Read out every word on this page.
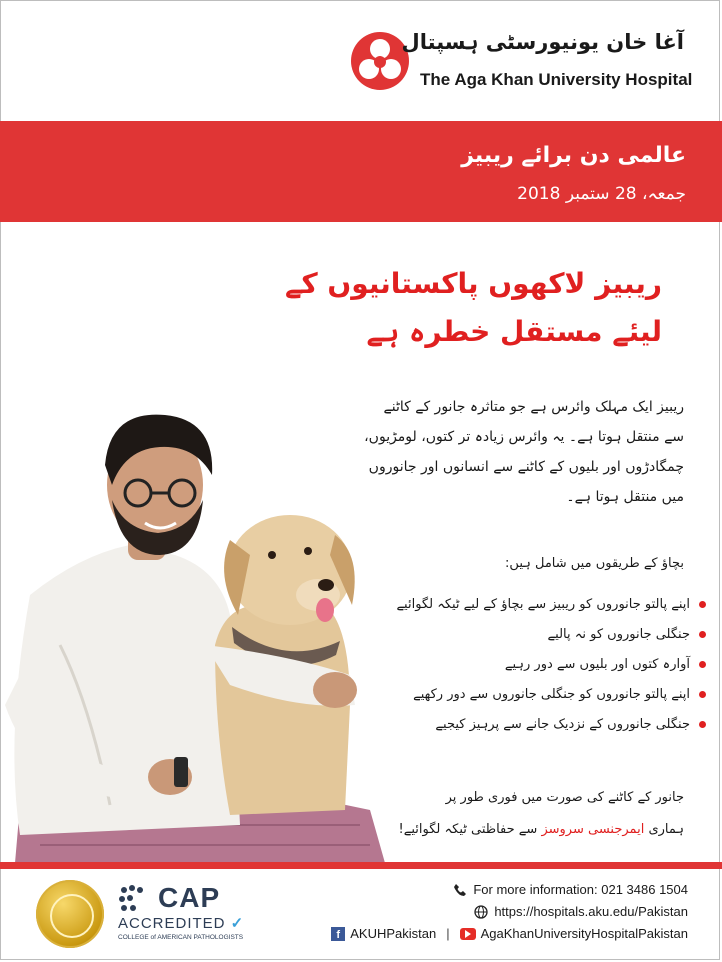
آغا خان یونیورسٹی ہسپتال
The Aga Khan University Hospital
عالمی دن برائے ریبیز
جمعہ، 28 ستمبر 2018
ریبیز لاکھوں پاکستانیوں کے
لیئے مستقل خطرہ ہے
ریبیز ایک مہلک وائرس ہے جو متاثرہ جانور کے کاٹنے
سے منتقل ہوتا ہے۔ یہ وائرس زیادہ تر کتوں، لومڑیوں،
چمگادڑوں اور بلیوں کے کاٹنے سے انسانوں اور جانوروں
میں منتقل ہوتا ہے۔
بچاؤ کے طریقوں میں شامل ہیں:
اپنے پالتو جانوروں کو ریبیز سے بچاؤ کے لیے ٹیکہ لگوائیے
جنگلی جانوروں کو نہ پالیے
آوارہ کتوں اور بلیوں سے دور رہیے
اپنے پالتو جانوروں کو جنگلی جانوروں سے دور رکھیے
جنگلی جانوروں کے نزدیک جانے سے پرہیز کیجیے
جانور کے کاٹنے کی صورت میں فوری طور پر
ہماری ایمرجنسی سروسز سے حفاظتی ٹیکہ لگوائیے!
CAP
ACCREDITED ✓
COLLEGE of AMERICAN PATHOLOGISTS
For more information: 021 3486 1504
https://hospitals.aku.edu/Pakistan
f AKUHPakistan | AgaKhanUniversityHospitalPakistan
